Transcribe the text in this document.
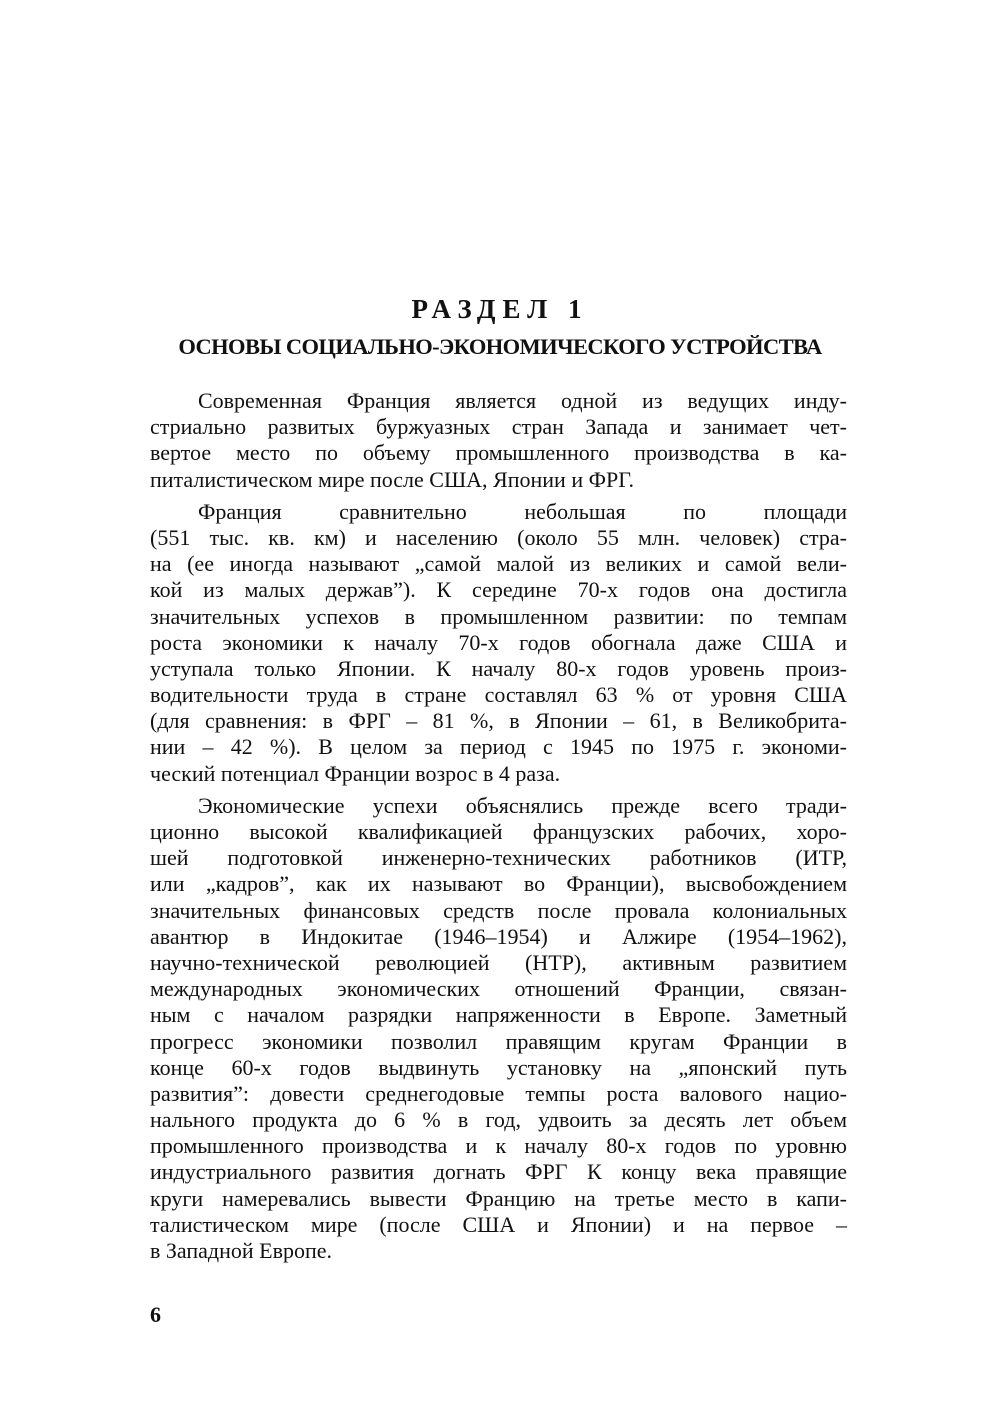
РАЗДЕЛ 1
ОСНОВЫ СОЦИАЛЬНО-ЭКОНОМИЧЕСКОГО УСТРОЙСТВА

Современная Франция является одной из ведущих инду-
стриально развитых буржуазных стран Запада и занимает чет-
вертое место по объему промышленного производства в ка-
питалистическом мире после США, Японии и ФРГ.

Франция сравнительно небольшая по площади
(551 тыс. кв. км) и населению (около 55 млн. человек) стра-
на (ее иногда называют „самой малой из великих и самой вели-
кой из малых держав”). К середине 70-х годов она достигла
значительных успехов в промышленном развитии: по темпам
роста экономики к началу 70-х годов обогнала даже США и
уступала только Японии. К началу 80-х годов уровень произ-
водительности труда в стране составлял 63 % от уровня США
(для сравнения: в ФРГ – 81 %, в Японии – 61, в Великобрита-
нии – 42 %). В целом за период с 1945 по 1975 г. экономи-
ческий потенциал Франции возрос в 4 раза.

Экономические успехи объяснялись прежде всего тради-
ционно высокой квалификацией французских рабочих, хоро-
шей подготовкой инженерно-технических работников (ИТР,
или „кадров”, как их называют во Франции), высвобождением
значительных финансовых средств после провала колониальных
авантюр в Индокитае (1946–1954) и Алжире (1954–1962),
научно-технической революцией (НТР), активным развитием
международных экономических отношений Франции, связан-
ным с началом разрядки напряженности в Европе. Заметный
прогресс экономики позволил правящим кругам Франции в
конце 60-х годов выдвинуть установку на „японский путь
развития”: довести среднегодовые темпы роста валового нацио-
нального продукта до 6 % в год, удвоить за десять лет объем
промышленного производства и к началу 80-х годов по уровню
индустриального развития догнать ФРГ К концу века правящие
круги намеревались вывести Францию на третье место в капи-
талистическом мире (после США и Японии) и на первое –
в Западной Европе.

6
